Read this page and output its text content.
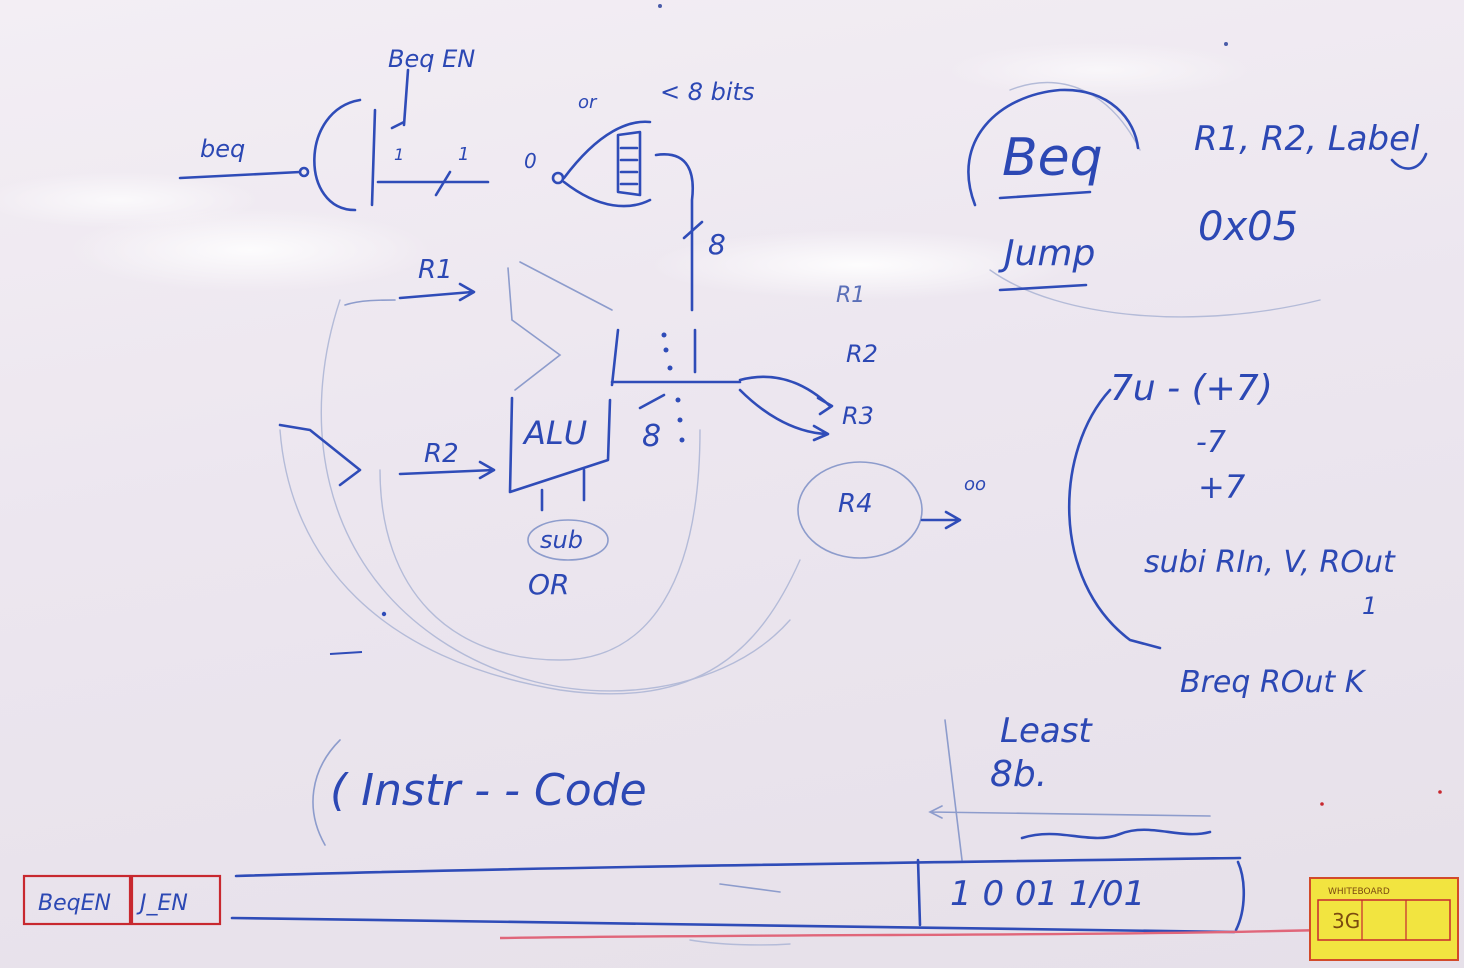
Beq EN
beq	1	1	0
or	< 8 bits
8
R1
R2
ALU 8
sub
OR
R1
R2
R3
R4
oo
Beq	R1, R2, Label
Jump
0x05
7u - (+7)
-7
+7
subi RIn, V, ROut
1
Breq ROut K
( Instr - - Code
Least
8b.
1 0 01 1/01
BeqEN J_EN	WHITEBOARD
3G
